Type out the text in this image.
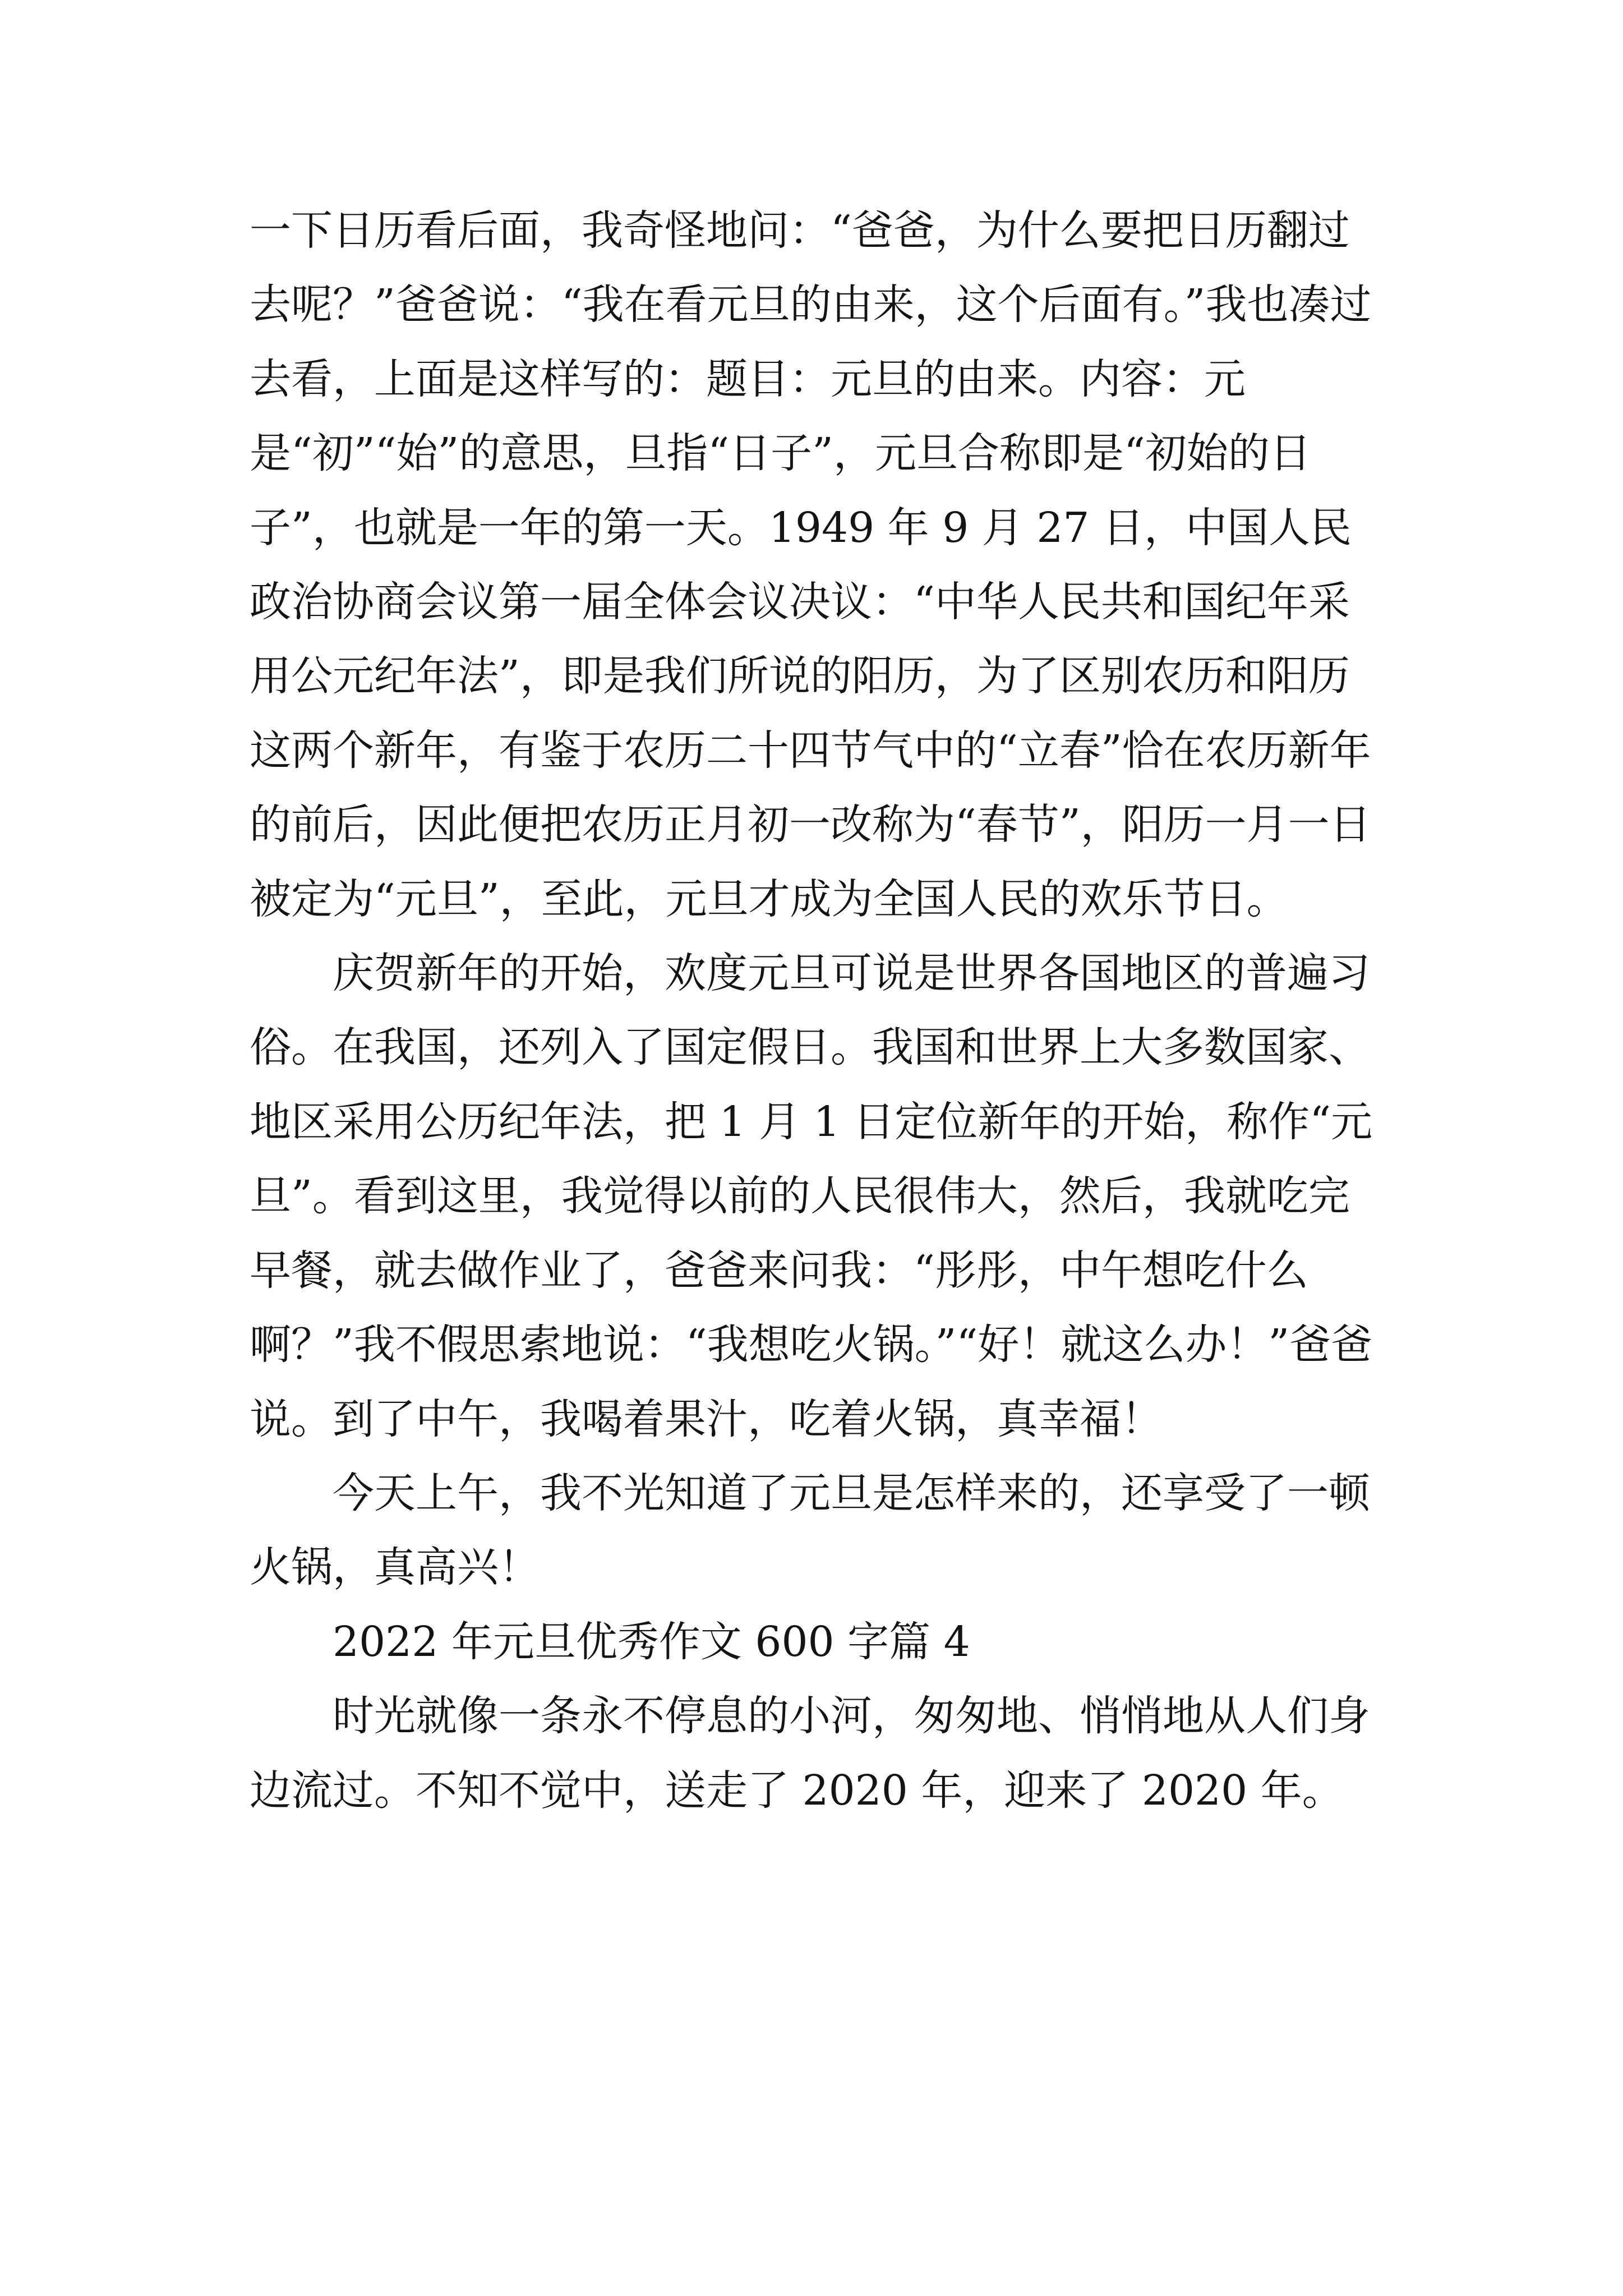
一下日历看后面，我奇怪地问：“爸爸，为什么要把日历翻过去呢？”爸爸说：“我在看元旦的由来，这个后面有。”我也凑过去看，上面是这样写的：题目：元旦的由来。内容：元是“初”“始”的意思，旦指“日子”，元旦合称即是“初始的日子”，也就是一年的第一天。1949 年 9 月 27 日，中国人民政治协商会议第一届全体会议决议：“中华人民共和国纪年采用公元纪年法”，即是我们所说的阳历，为了区别农历和阳历这两个新年，有鉴于农历二十四节气中的“立春”恰在农历新年的前后，因此便把农历正月初一改称为“春节”，阳历一月一日被定为“元旦”，至此，元旦才成为全国人民的欢乐节日。

庆贺新年的开始，欢度元旦可说是世界各国地区的普遍习俗。在我国，还列入了国定假日。我国和世界上大多数国家、地区采用公历纪年法，把 1 月 1 日定位新年的开始，称作“元旦”。看到这里，我觉得以前的人民很伟大，然后，我就吃完早餐，就去做作业了，爸爸来问我：“彤彤，中午想吃什么啊？”我不假思索地说：“我想吃火锅。”“好！就这么办！”爸爸说。到了中午，我喝着果汁，吃着火锅，真幸福！

今天上午，我不光知道了元旦是怎样来的，还享受了一顿火锅，真高兴！

2022 年元旦优秀作文 600 字篇 4

时光就像一条永不停息的小河，匆匆地、悄悄地从人们身边流过。不知不觉中，送走了 2020 年，迎来了 2020 年。
